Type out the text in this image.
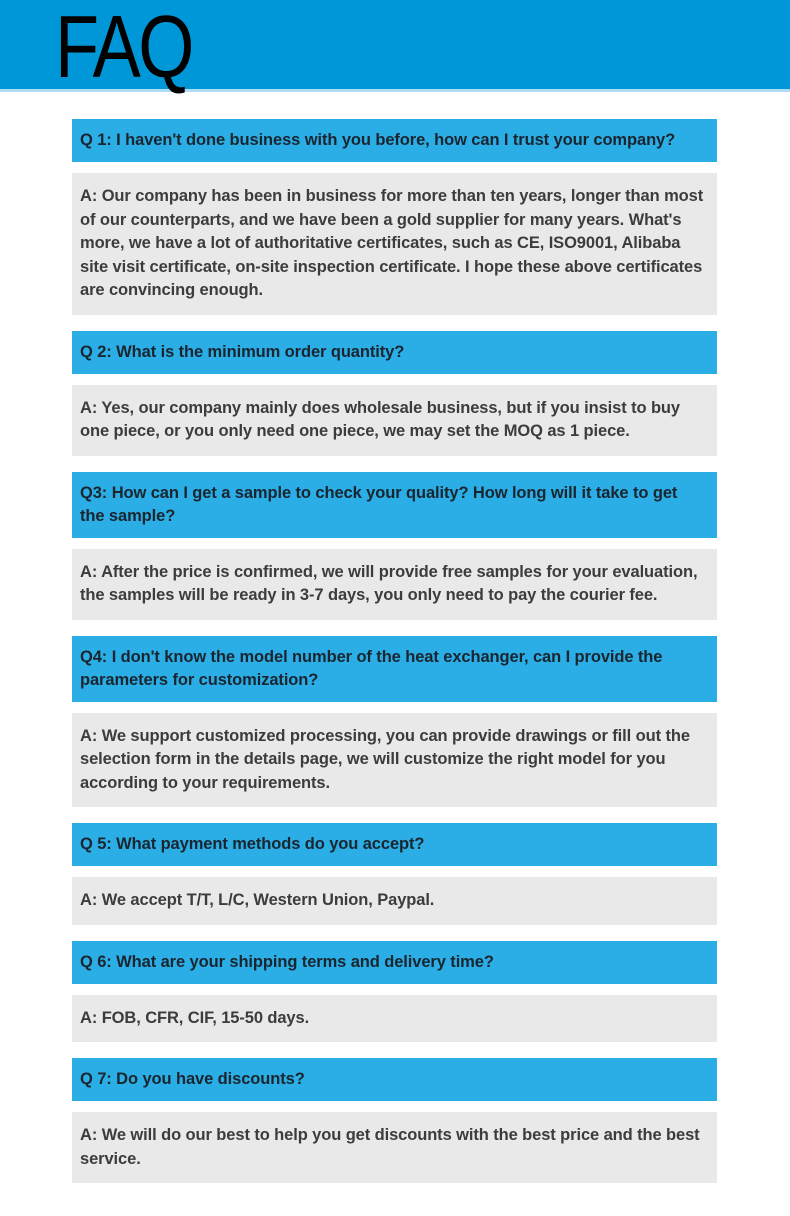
FAQ
Q 1: I haven't done business with you before, how can I trust your company?
A: Our company has been in business for more than ten years, longer than most of our counterparts, and we have been a gold supplier for many years. What's more, we have a lot of authoritative certificates, such as CE, ISO9001, Alibaba site visit certificate, on-site inspection certificate. I hope these above certificates are convincing enough.
Q 2: What is the minimum order quantity?
A: Yes, our company mainly does wholesale business, but if you insist to buy one piece, or you only need one piece, we may set the MOQ as 1 piece.
Q3: How can I get a sample to check your quality? How long will it take to get the sample?
A: After the price is confirmed, we will provide free samples for your evaluation, the samples will be ready in 3-7 days, you only need to pay the courier fee.
Q4: I don't know the model number of the heat exchanger, can I provide the parameters for customization?
A: We support customized processing, you can provide drawings or fill out the selection form in the details page, we will customize the right model for you according to your requirements.
Q 5: What payment methods do you accept?
A: We accept T/T, L/C, Western Union, Paypal.
Q 6: What are your shipping terms and delivery time?
A: FOB, CFR, CIF, 15-50 days.
Q 7: Do you have discounts?
A: We will do our best to help you get discounts with the best price and the best service.
